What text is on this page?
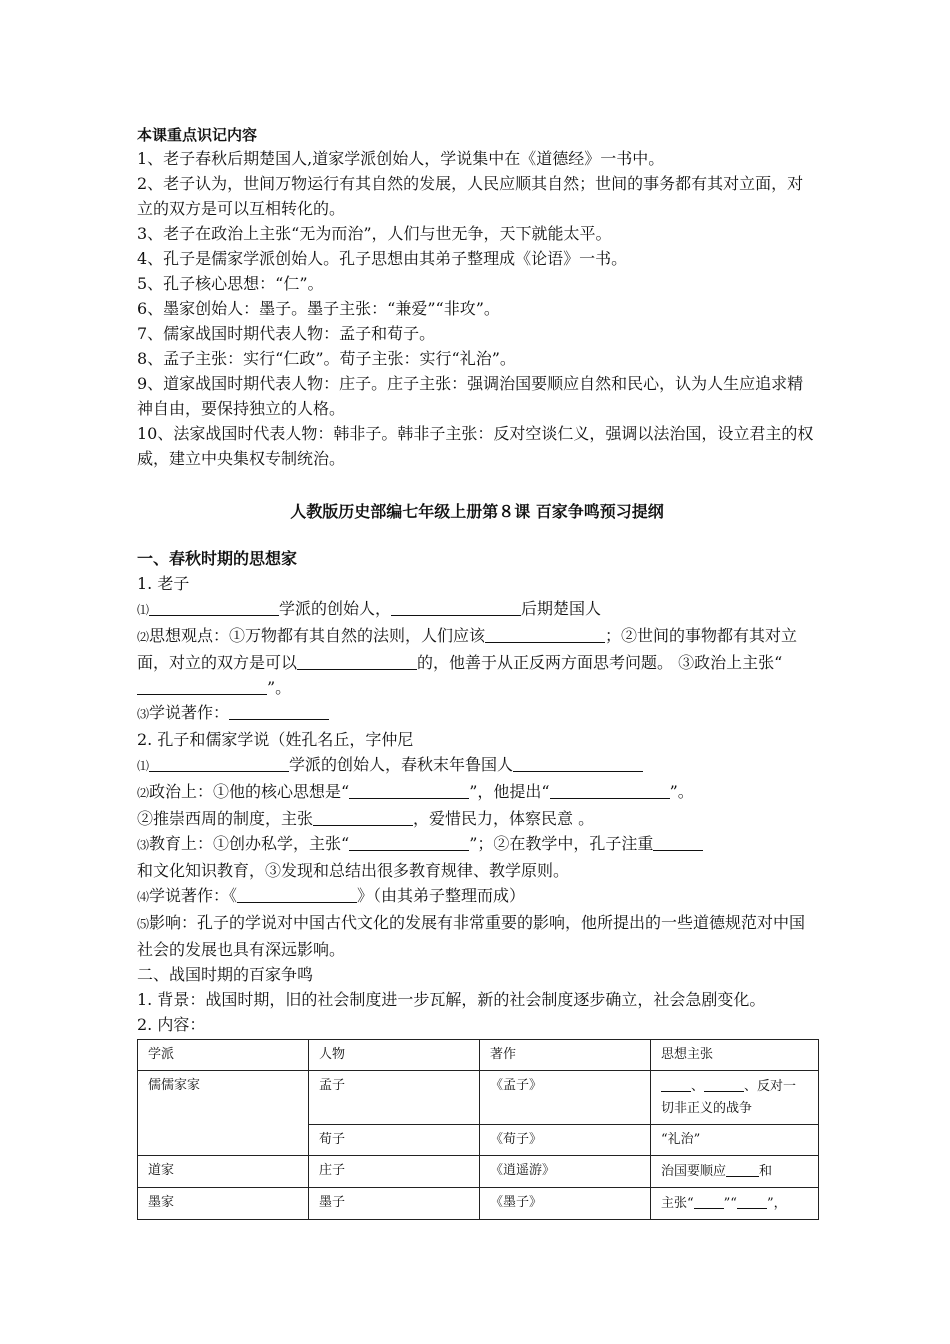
本课重点识记内容

1、老子春秋后期楚国人,道家学派创始人，学说集中在《道德经》一书中。

2、老子认为，世间万物运行有其自然的发展，人民应顺其自然；世间的事务都有其对立面，对立的双方是可以互相转化的。

3、老子在政治上主张“无为而治”，人们与世无争，天下就能太平。

4、孔子是儒家学派创始人。孔子思想由其弟子整理成《论语》一书。

5、孔子核心思想：“仁”。

6、墨家创始人：墨子。墨子主张：“兼爱”“非攻”。

7、儒家战国时期代表人物：孟子和荀子。

8、孟子主张：实行“仁政”。荀子主张：实行“礼治”。

9、道家战国时期代表人物：庄子。庄子主张：强调治国要顺应自然和民心，认为人生应追求精神自由，要保持独立的人格。

10、法家战国时代表人物：韩非子。韩非子主张：反对空谈仁义，强调以法治国，设立君主的权威，建立中央集权专制统治。

人教版历史部编七年级上册第８课 百家争鸣预习提纲

一、春秋时期的思想家

1. 老子

⑴	学派的创始人，	后期楚国人

⑵思想观点：①万物都有其自然的法则，人们应该	；②世间的事物都有其对立面，对立的双方是可以	的，他善于从正反两方面思考问题。 ③政治上主张“”。

⑶学说著作：

2. 孔子和儒家学说（姓孔名丘，字仲尼

⑴	学派的创始人，春秋末年鲁国人

⑵政治上：①他的核心思想是“	”，他提出“	”。

②推崇西周的制度，主张	，爱惜民力，体察民意 。

⑶教育上：①创办私学，主张“	”；②在教学中，孔子注重

和文化知识教育，③发现和总结出很多教育规律、教学原则。

⑷学说著作：《	》（由其弟子整理而成）

⑸影响：孔子的学说对中国古代文化的发展有非常重要的影响，他所提出的一些道德规范对中国社会的发展也具有深远影响。

二、战国时期的百家争鸣

1. 背景：战国时期，旧的社会制度进一步瓦解，新的社会制度逐步确立，社会急剧变化。

2. 内容：

学派	人物	著作	思想主张
儒儒家家	孟子	《孟子》	、 、反对一切非正义的战争
	荀子	《荀子》	“礼治”
道家	庄子	《逍遥游》	治国要顺应 和
墨家	墨子	《墨子》	主张“ ”“ ”，
